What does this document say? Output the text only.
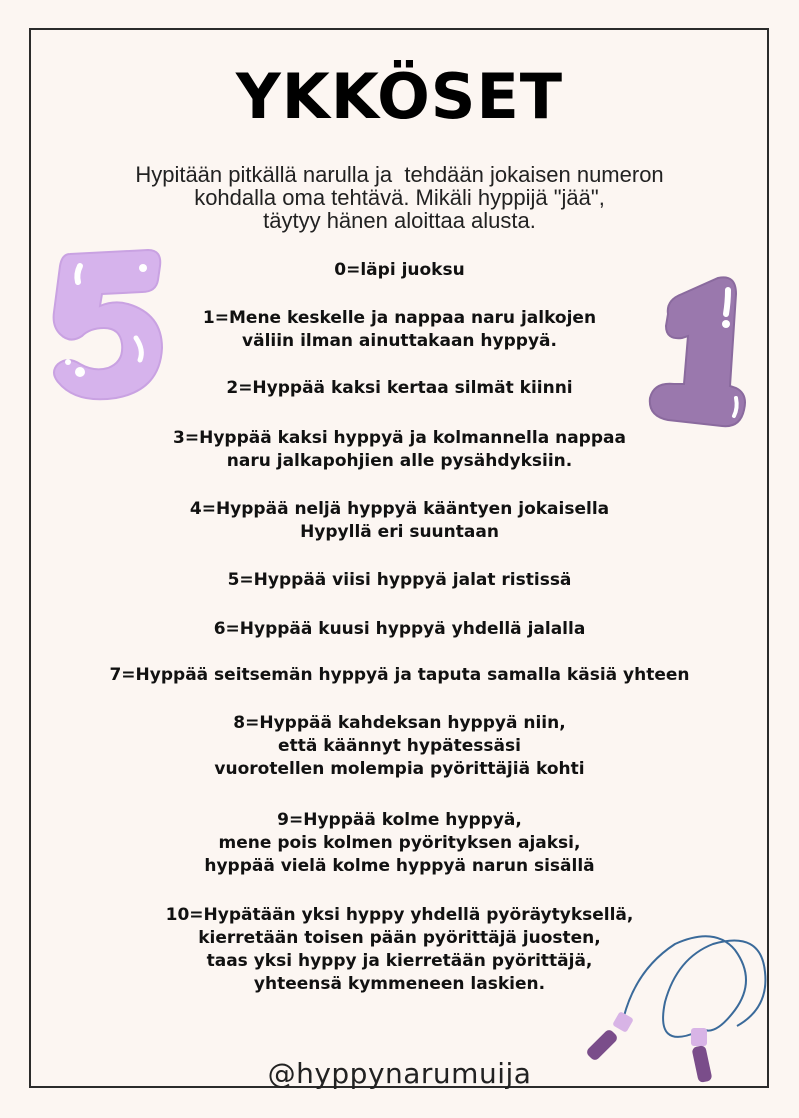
YKKÖSET
Hypitään pitkällä narulla ja  tehdään jokaisen numeron
kohdalla oma tehtävä. Mikäli hyppijä "jää",
täytyy hänen aloittaa alusta.
0=läpi juoksu
1=Mene keskelle ja nappaa naru jalkojen
väliin ilman ainuttakaan hyppyä.
2=Hyppää kaksi kertaa silmät kiinni
3=Hyppää kaksi hyppyä ja kolmannella nappaa
naru jalkapohjien alle pysähdyksiin.
4=Hyppää neljä hyppyä kääntyen jokaisella
Hypyllä eri suuntaan
5=Hyppää viisi hyppyä jalat ristissä
6=Hyppää kuusi hyppyä yhdellä jalalla
7=Hyppää seitsemän hyppyä ja taputa samalla käsiä yhteen
8=Hyppää kahdeksan hyppyä niin,
että käännyt hypätessäsi
vuorotellen molempia pyörittäjiä kohti
9=Hyppää kolme hyppyä,
mene pois kolmen pyörityksen ajaksi,
hyppää vielä kolme hyppyä narun sisällä
10=Hypätään yksi hyppy yhdellä pyöräytyksellä,
kierretään toisen pään pyörittäjä juosten,
taas yksi hyppy ja kierretään pyörittäjä,
yhteensä kymmeneen laskien.
@hyppynarumuija
